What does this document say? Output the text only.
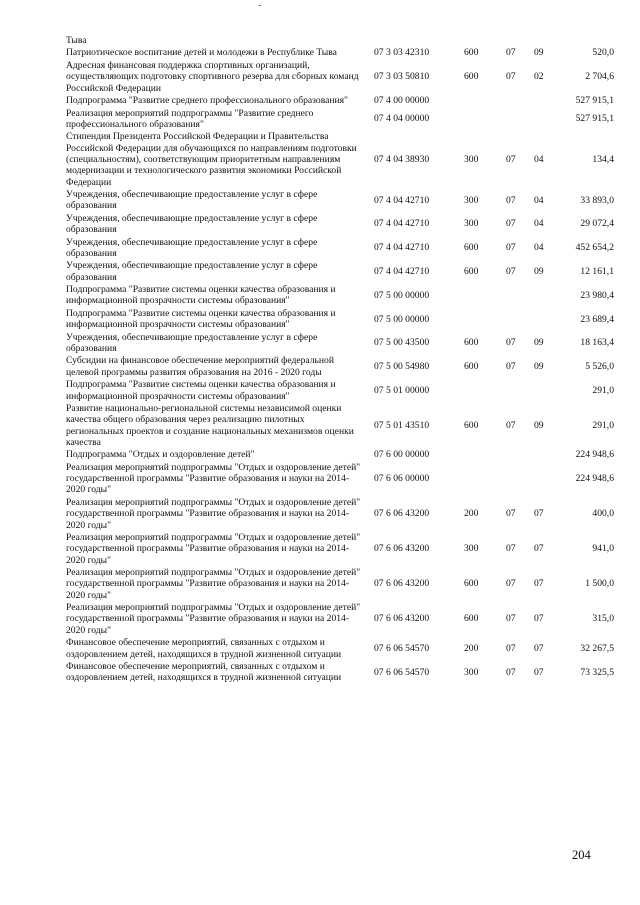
-
Тыва					
Патриотическое воспитание детей и молодежи в Республике Тыва	07 3 03 42310	600	07	09	520,0
Адресная финансовая поддержка спортивных организаций, осуществляющих подготовку спортивного резерва для сборных команд Российской Федерации	07 3 03 50810	600	07	02	2 704,6
Подпрограмма "Развитие среднего профессионального образования"	07 4 00 00000				527 915,1
Реализация мероприятий подпрограммы "Развитие среднего профессионального образования"	07 4 04 00000				527 915,1
Стипендия Президента Российской Федерации и Правительства Российской Федерации для обучающихся по направлениям подготовки (специальностям), соответствующим приоритетным направлениям модернизации и технологического развития экономики Российской Федерации	07 4 04 38930	300	07	04	134,4
Учреждения, обеспечивающие предоставление услуг в сфере образования	07 4 04 42710	300	07	04	33 893,0
Учреждения, обеспечивающие предоставление услуг в сфере образования	07 4 04 42710	300	07	04	29 072,4
Учреждения, обеспечивающие предоставление услуг в сфере образования	07 4 04 42710	600	07	04	452 654,2
Учреждения, обеспечивающие предоставление услуг в сфере образования	07 4 04 42710	600	07	09	12 161,1
Подпрограмма "Развитие системы оценки качества образования и информационной прозрачности системы образования"	07 5 00 00000				23 980,4
Подпрограмма "Развитие системы оценки качества образования и информационной прозрачности системы образования"	07 5 00 00000				23 689,4
Учреждения, обеспечивающие предоставление услуг в сфере образования	07 5 00 43500	600	07	09	18 163,4
Субсидии на финансовое обеспечение мероприятий федеральной целевой программы развития образования на 2016 - 2020 годы	07 5 00 54980	600	07	09	5 526,0
Подпрограмма "Развитие системы оценки качества образования и информационной прозрачности системы образования"	07 5 01 00000				291,0
Развитие национально-региональной системы независимой оценки качества общего образования через реализацию пилотных региональных проектов и создание национальных механизмов оценки качества	07 5 01 43510	600	07	09	291,0
Подпрограмма "Отдых и оздоровление детей"	07 6 00 00000				224 948,6
Реализация мероприятий подпрограммы "Отдых и оздоровление детей" государственной программы "Развитие образования и науки на 2014-2020 годы"	07 6 06 00000				224 948,6
Реализация мероприятий подпрограммы "Отдых и оздоровление детей" государственной программы "Развитие образования и науки на 2014-2020 годы"	07 6 06 43200	200	07	07	400,0
Реализация мероприятий подпрограммы "Отдых и оздоровление детей" государственной программы "Развитие образования и науки на 2014-2020 годы"	07 6 06 43200	300	07	07	941,0
Реализация мероприятий подпрограммы "Отдых и оздоровление детей" государственной программы "Развитие образования и науки на 2014-2020 годы"	07 6 06 43200	600	07	07	1 500,0
Реализация мероприятий подпрограммы "Отдых и оздоровление детей" государственной программы "Развитие образования и науки на 2014-2020 годы"	07 6 06 43200	600	07	07	315,0
Финансовое обеспечение мероприятий, связанных с отдыхом и оздоровлением детей, находящихся в трудной жизненной ситуации	07 6 06 54570	200	07	07	32 267,5
Финансовое обеспечение мероприятий, связанных с отдыхом и оздоровлением детей, находящихся в трудной жизненной ситуации	07 6 06 54570	300	07	07	73 325,5
204
